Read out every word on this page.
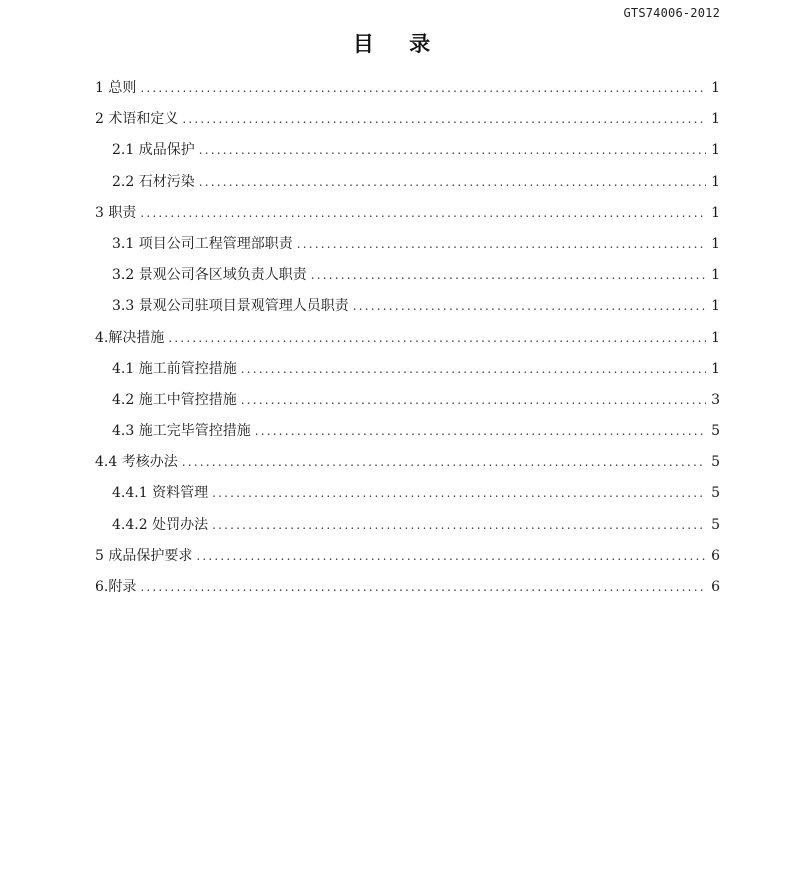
GTS74006-2012
目 录
1 总则 .....	1
2 术语和定义 .....	1
2.1 成品保护 .....	1
2.2 石材污染 .....	1
3 职责 .....	1
3.1 项目公司工程管理部职责 .....	1
3.2 景观公司各区域负责人职责 .....	1
3.3 景观公司驻项目景观管理人员职责 .....	1
4.解决措施 .....	1
4.1 施工前管控措施 .....	1
4.2 施工中管控措施 .....	3
4.3 施工完毕管控措施 .....	5
4.4 考核办法 .....	5
4.4.1 资料管理 .....	5
4.4.2 处罚办法 .....	5
5 成品保护要求 .....	6
6.附录 .....	6
